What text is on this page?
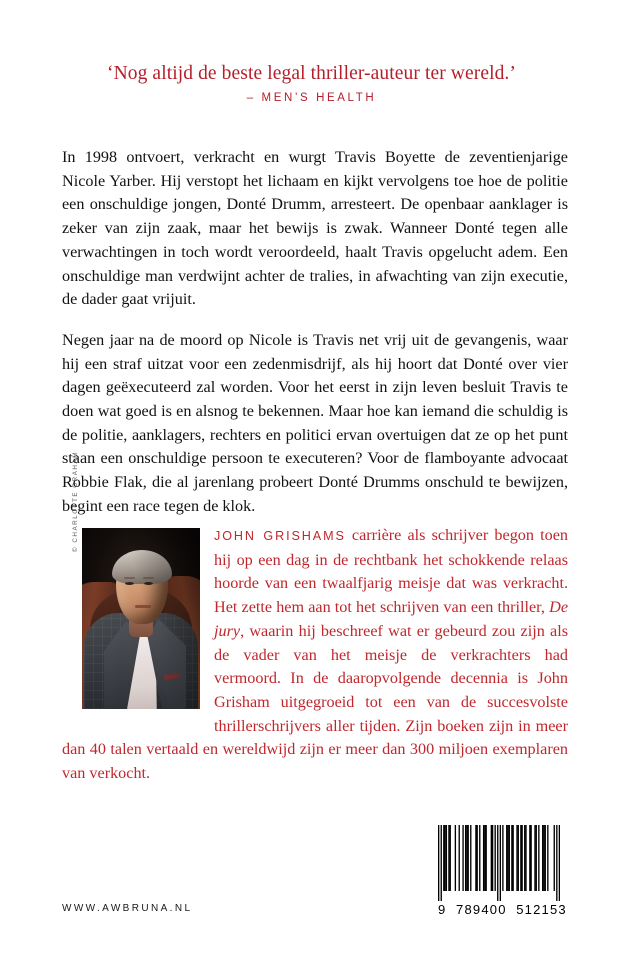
‘Nog altijd de beste legal thriller-auteur ter wereld.’
– MEN’S HEALTH

In 1998 ontvoert, verkracht en wurgt Travis Boyette de zeventienjarige Nicole Yarber. Hij verstopt het lichaam en kijkt vervolgens toe hoe de politie een onschuldige jongen, Donté Drumm, arresteert. De openbaar aanklager is zeker van zijn zaak, maar het bewijs is zwak. Wanneer Donté tegen alle verwachtingen in toch wordt veroordeeld, haalt Travis opgelucht adem. Een onschuldige man verdwijnt achter de tralies, in afwachting van zijn executie, de dader gaat vrijuit.

Negen jaar na de moord op Nicole is Travis net vrij uit de gevangenis, waar hij een straf uitzat voor een zedenmisdrijf, als hij hoort dat Donté over vier dagen geëxecuteerd zal worden. Voor het eerst in zijn leven besluit Travis te doen wat goed is en alsnog te bekennen. Maar hoe kan iemand die schuldig is de politie, aanklagers, rechters en politici ervan overtuigen dat ze op het punt staan een onschuldige persoon te executeren? Voor de flamboyante advocaat Robbie Flak, die al jarenlang probeert Donté Drumms onschuld te bewijzen, begint een race tegen de klok.

© CHARLOTTE GRAHAM	JOHN GRISHAMS carrière als schrijver begon toen hij op een dag in de rechtbank het schokkende relaas hoorde van een twaalfjarig meisje dat was verkracht. Het zette hem aan tot het schrijven van een thriller, De jury, waarin hij beschreef wat er gebeurd zou zijn als de vader van het meisje de verkrachters had vermoord. In de daaropvolgende decennia is John Grisham uitgegroeid tot een van de succesvolste thrillerschrijvers aller tijden. Zijn boeken zijn in meer dan 40 talen vertaald en wereldwijd zijn er meer dan 300 miljoen exemplaren van verkocht.

WWW.AWBRUNA.NL	9  789400  512153
